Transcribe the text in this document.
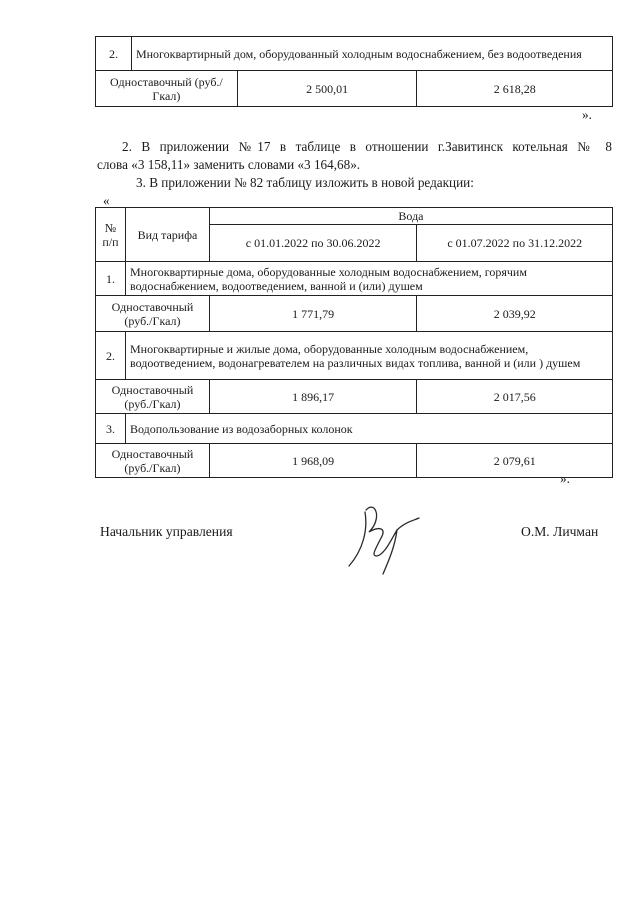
2.	Многоквартирный дом, оборудованный холодным водоснабжением, без водоотведения		
Одноставочный (руб./Гкал)		2 500,01	2 618,28
».
2. В приложении №17 в таблице в отношении г.Завитинск котельная № 8
слова «3 158,11» заменить словами «3 164,68».
3. В приложении № 82 таблицу изложить в новой редакции:
«
№ п/п	Вид тарифа	Вода	
		с 01.01.2022 по 30.06.2022	с 01.07.2022 по 31.12.2022
1.	Многоквартирные дома, оборудованные холодным водоснабжением, горячим водоснабжением, водоотведением, ванной и (или) душем		
Одноставочный (руб./Гкал)		1 771,79	2 039,92
2.	Многоквартирные и жилые дома, оборудованные холодным водоснабжением, водоотведением, водонагревателем на различных видах топлива, ванной и (или ) душем		
Одноставочный (руб./Гкал)		1 896,17	2 017,56
3.	Водопользование из водозаборных колонок		
Одноставочный (руб./Гкал)		1 968,09	2 079,61
».
Начальник управления	О.М. Личман
